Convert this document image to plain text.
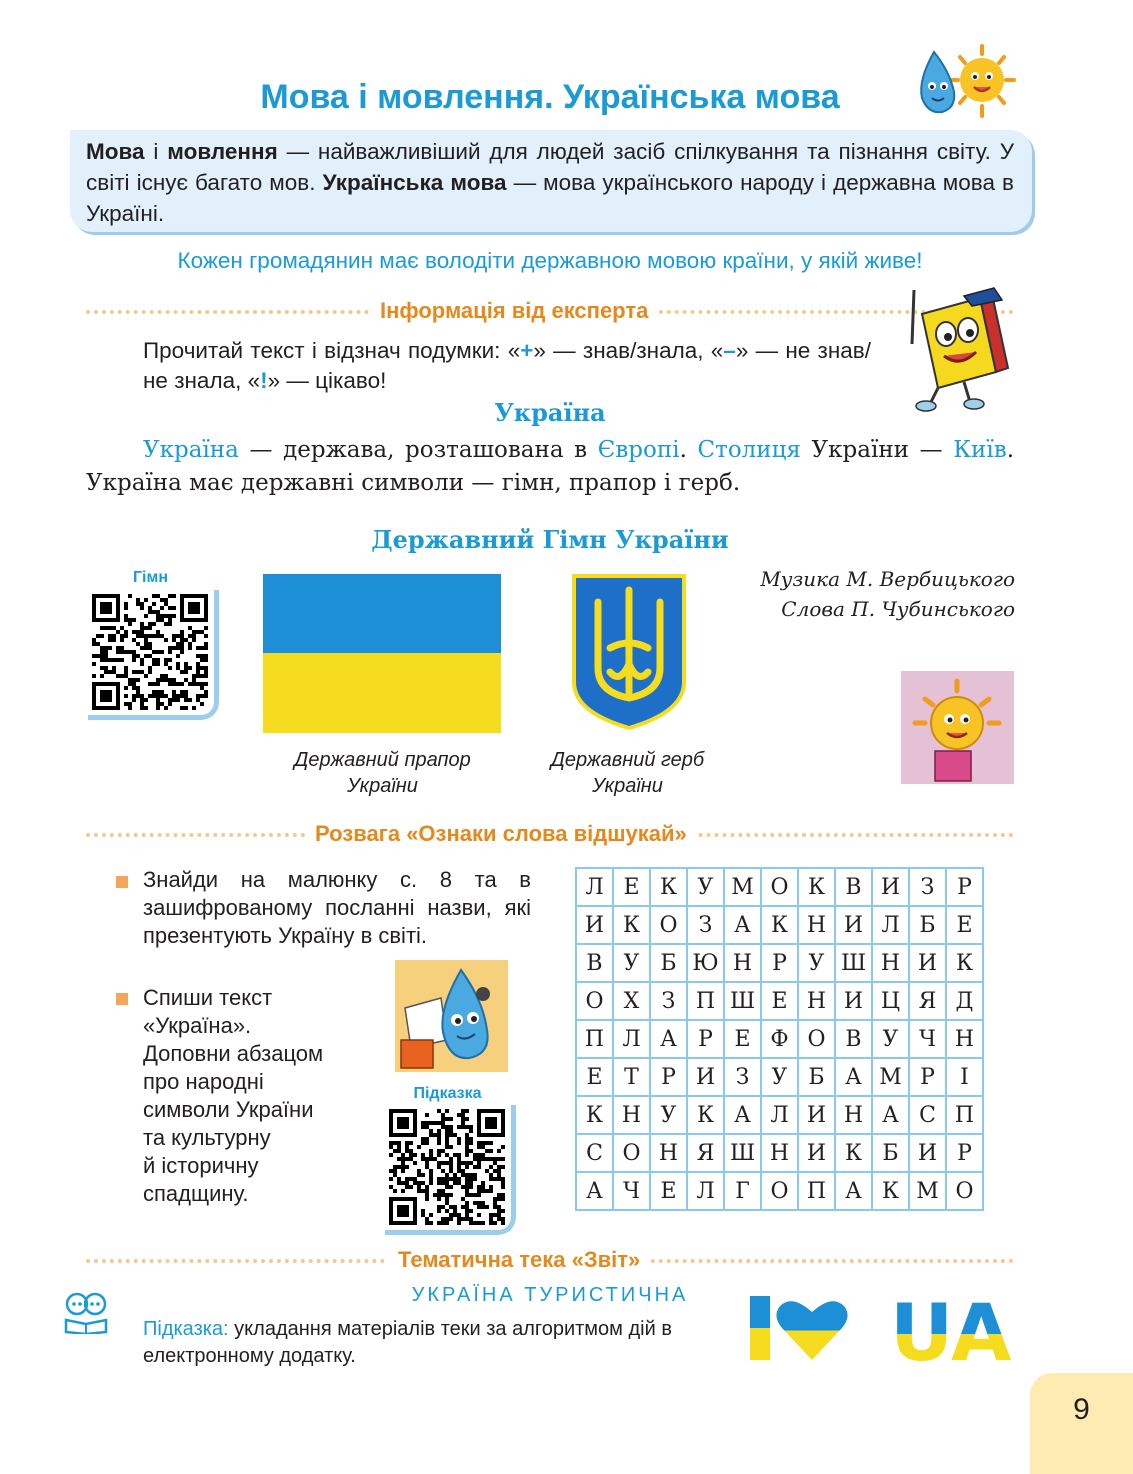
Мова і мовлення. Українська мова
Мова і мовлення — найважливіший для людей засіб спілкування та пізнання світу. У світі існує багато мов. Українська мова — мова українського народу і державна мова в Україні.
Кожен громадянин має володіти державною мовою країни, у якій живе!
Інформація від експерта
Прочитай текст і відзнач подумки: «+» — знав/знала, «–» — не знав/не знала, «!» — цікаво!
Україна
Україна — держава, розташована в Європі. Столиця України — Київ. Україна має державні символи — гімн, прапор і герб.
Державний Гімн України
Музика М. Вербицького
Слова П. Чубинського
Гімн
Державний прапор
України
Державний герб
України
Розвага «Ознаки слова відшукай»
Знайди на малюнку с. 8 та в зашифрованому посланні назви, які презентують Україну в світі.
Спиши текст
«Україна».
Доповни абзацом
про народні
символи України
та культурну
й історичну
спадщину.
Підказка
Л	Е	К	У	М	О	К	В	И	З	Р
И	К	О	З	А	К	Н	И	Л	Б	Е
В	У	Б	Ю	Н	Р	У	Ш	Н	И	К
О	Х	З	П	Ш	Е	Н	И	Ц	Я	Д
П	Л	А	Р	Е	Ф	О	В	У	Ч	Н
Е	Т	Р	И	З	У	Б	А	М	Р	І
К	Н	У	К	А	Л	И	Н	А	С	П
С	О	Н	Я	Ш	Н	И	К	Б	И	Р
А	Ч	Е	Л	Г	О	П	А	К	М	О
Тематична тека «Звіт»
УКРАЇНА ТУРИСТИЧНА
Підказка: укладання матеріалів теки за алгоритмом дій в електронному додатку.	UA
9
